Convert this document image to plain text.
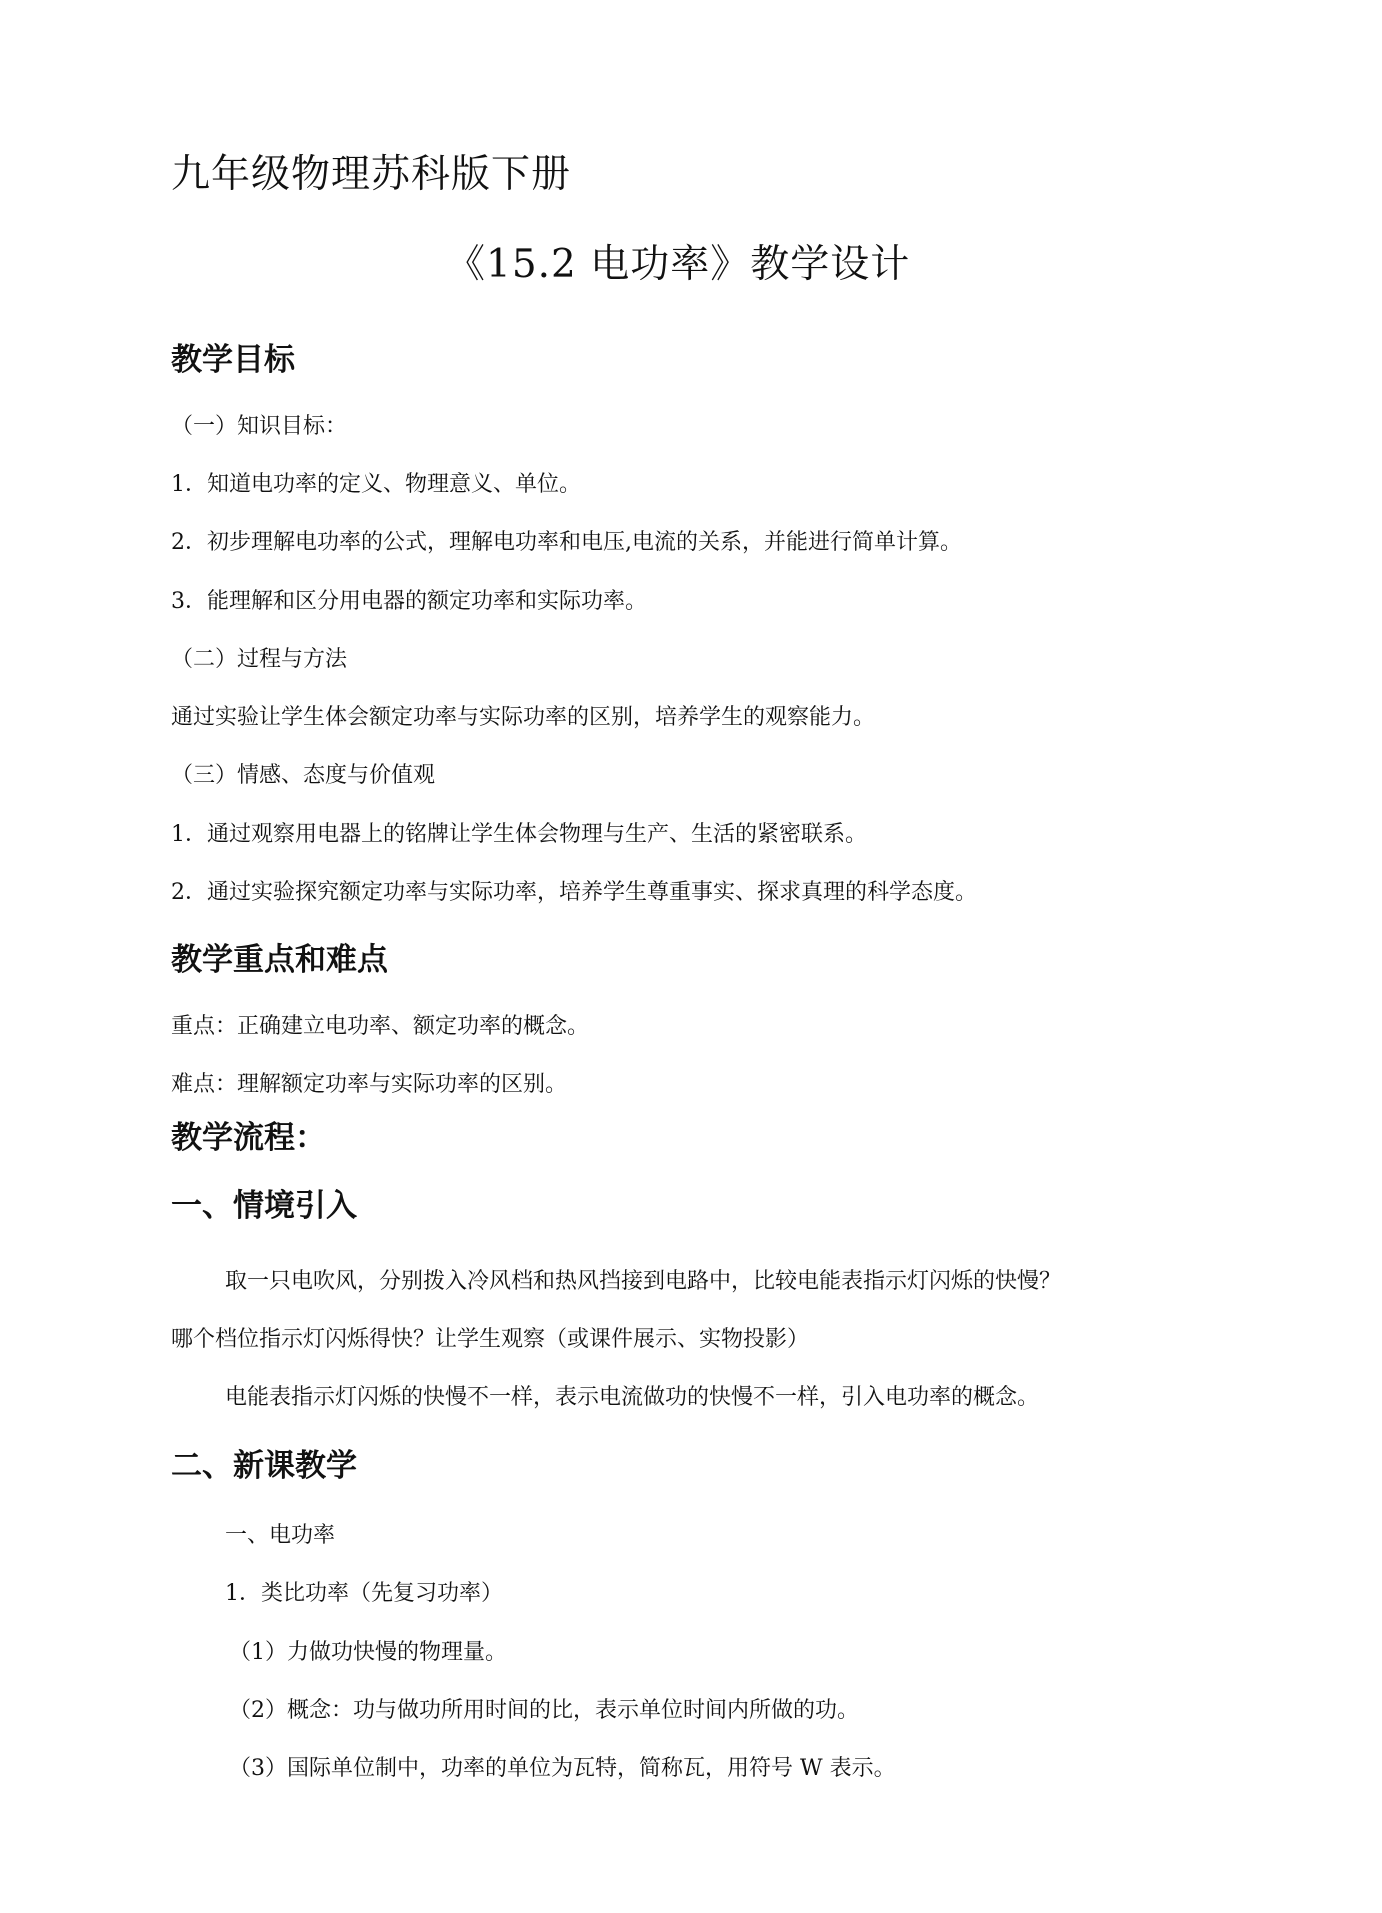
九年级物理苏科版下册
《15.2 电功率》教学设计
教学目标
（一）知识目标：
1．知道电功率的定义、物理意义、单位。
2．初步理解电功率的公式，理解电功率和电压,电流的关系，并能进行简单计算。
3．能理解和区分用电器的额定功率和实际功率。
（二）过程与方法
通过实验让学生体会额定功率与实际功率的区别，培养学生的观察能力。
（三）情感、态度与价值观
1．通过观察用电器上的铭牌让学生体会物理与生产、生活的紧密联系。
2．通过实验探究额定功率与实际功率，培养学生尊重事实、探求真理的科学态度。
教学重点和难点
重点：正确建立电功率、额定功率的概念。
难点：理解额定功率与实际功率的区别。
教学流程：
一、情境引入
取一只电吹风，分别拨入冷风档和热风挡接到电路中，比较电能表指示灯闪烁的快慢？
哪个档位指示灯闪烁得快？让学生观察（或课件展示、实物投影）
电能表指示灯闪烁的快慢不一样，表示电流做功的快慢不一样，引入电功率的概念。
二、新课教学
一、电功率
1．类比功率（先复习功率）
（1）力做功快慢的物理量。
（2）概念：功与做功所用时间的比，表示单位时间内所做的功。
（3）国际单位制中，功率的单位为瓦特，简称瓦，用符号 W 表示。
